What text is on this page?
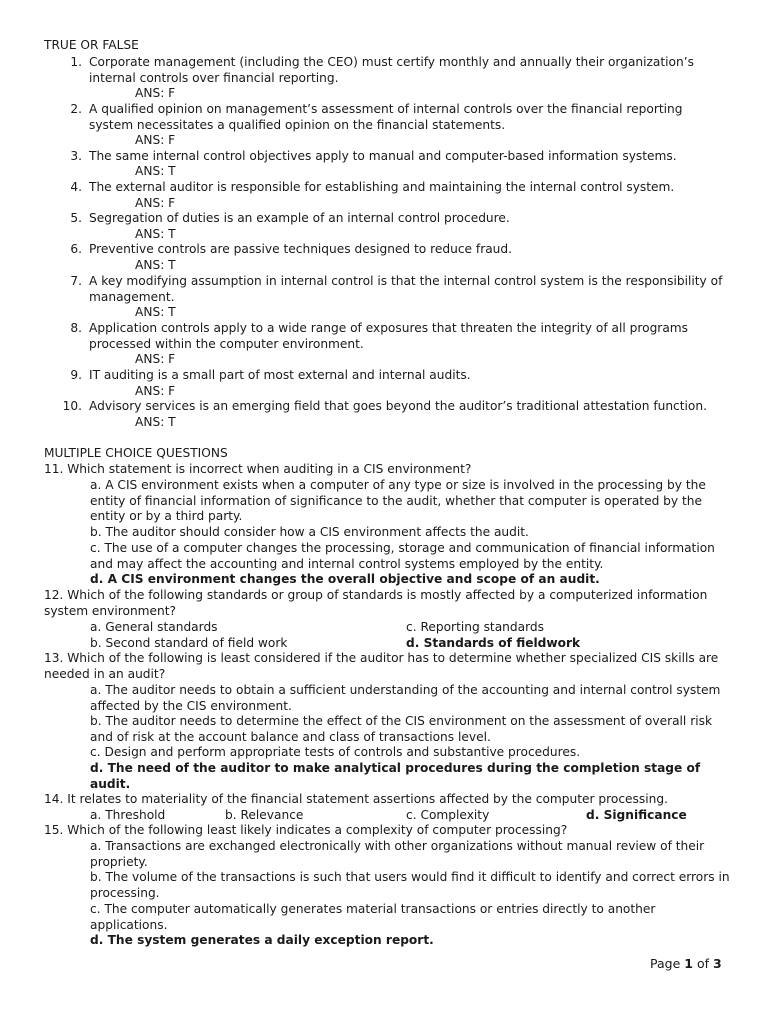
TRUE OR FALSE
1. Corporate management (including the CEO) must certify monthly and annually their organization’s internal controls over financial reporting.
ANS: F
2. A qualified opinion on management’s assessment of internal controls over the financial reporting system necessitates a qualified opinion on the financial statements.
ANS: F
3. The same internal control objectives apply to manual and computer-based information systems.
ANS: T
4. The external auditor is responsible for establishing and maintaining the internal control system.
ANS: F
5. Segregation of duties is an example of an internal control procedure.
ANS: T
6. Preventive controls are passive techniques designed to reduce fraud.
ANS: T
7. A key modifying assumption in internal control is that the internal control system is the responsibility of management.
ANS: T
8. Application controls apply to a wide range of exposures that threaten the integrity of all programs processed within the computer environment.
ANS: F
9. IT auditing is a small part of most external and internal audits.
ANS: F
10. Advisory services is an emerging field that goes beyond the auditor’s traditional attestation function.
ANS: T
MULTIPLE CHOICE QUESTIONS
11. Which statement is incorrect when auditing in a CIS environment?
a. A CIS environment exists when a computer of any type or size is involved in the processing by the entity of financial information of significance to the audit, whether that computer is operated by the entity or by a third party.
b. The auditor should consider how a CIS environment affects the audit.
c. The use of a computer changes the processing, storage and communication of financial information and may affect the accounting and internal control systems employed by the entity.
d. A CIS environment changes the overall objective and scope of an audit.
12. Which of the following standards or group of standards is mostly affected by a computerized information system environment?
a. General standards	c. Reporting standards
b. Second standard of field work	d. Standards of fieldwork
13. Which of the following is least considered if the auditor has to determine whether specialized CIS skills are needed in an audit?
a. The auditor needs to obtain a sufficient understanding of the accounting and internal control system affected by the CIS environment.
b. The auditor needs to determine the effect of the CIS environment on the assessment of overall risk and of risk at the account balance and class of transactions level.
c. Design and perform appropriate tests of controls and substantive procedures.
d. The need of the auditor to make analytical procedures during the completion stage of audit.
14. It relates to materiality of the financial statement assertions affected by the computer processing.
a. Threshold	b. Relevance	c. Complexity	d. Significance
15. Which of the following least likely indicates a complexity of computer processing?
a. Transactions are exchanged electronically with other organizations without manual review of their propriety.
b. The volume of the transactions is such that users would find it difficult to identify and correct errors in processing.
c. The computer automatically generates material transactions or entries directly to another applications.
d. The system generates a daily exception report.
Page 1 of 3
